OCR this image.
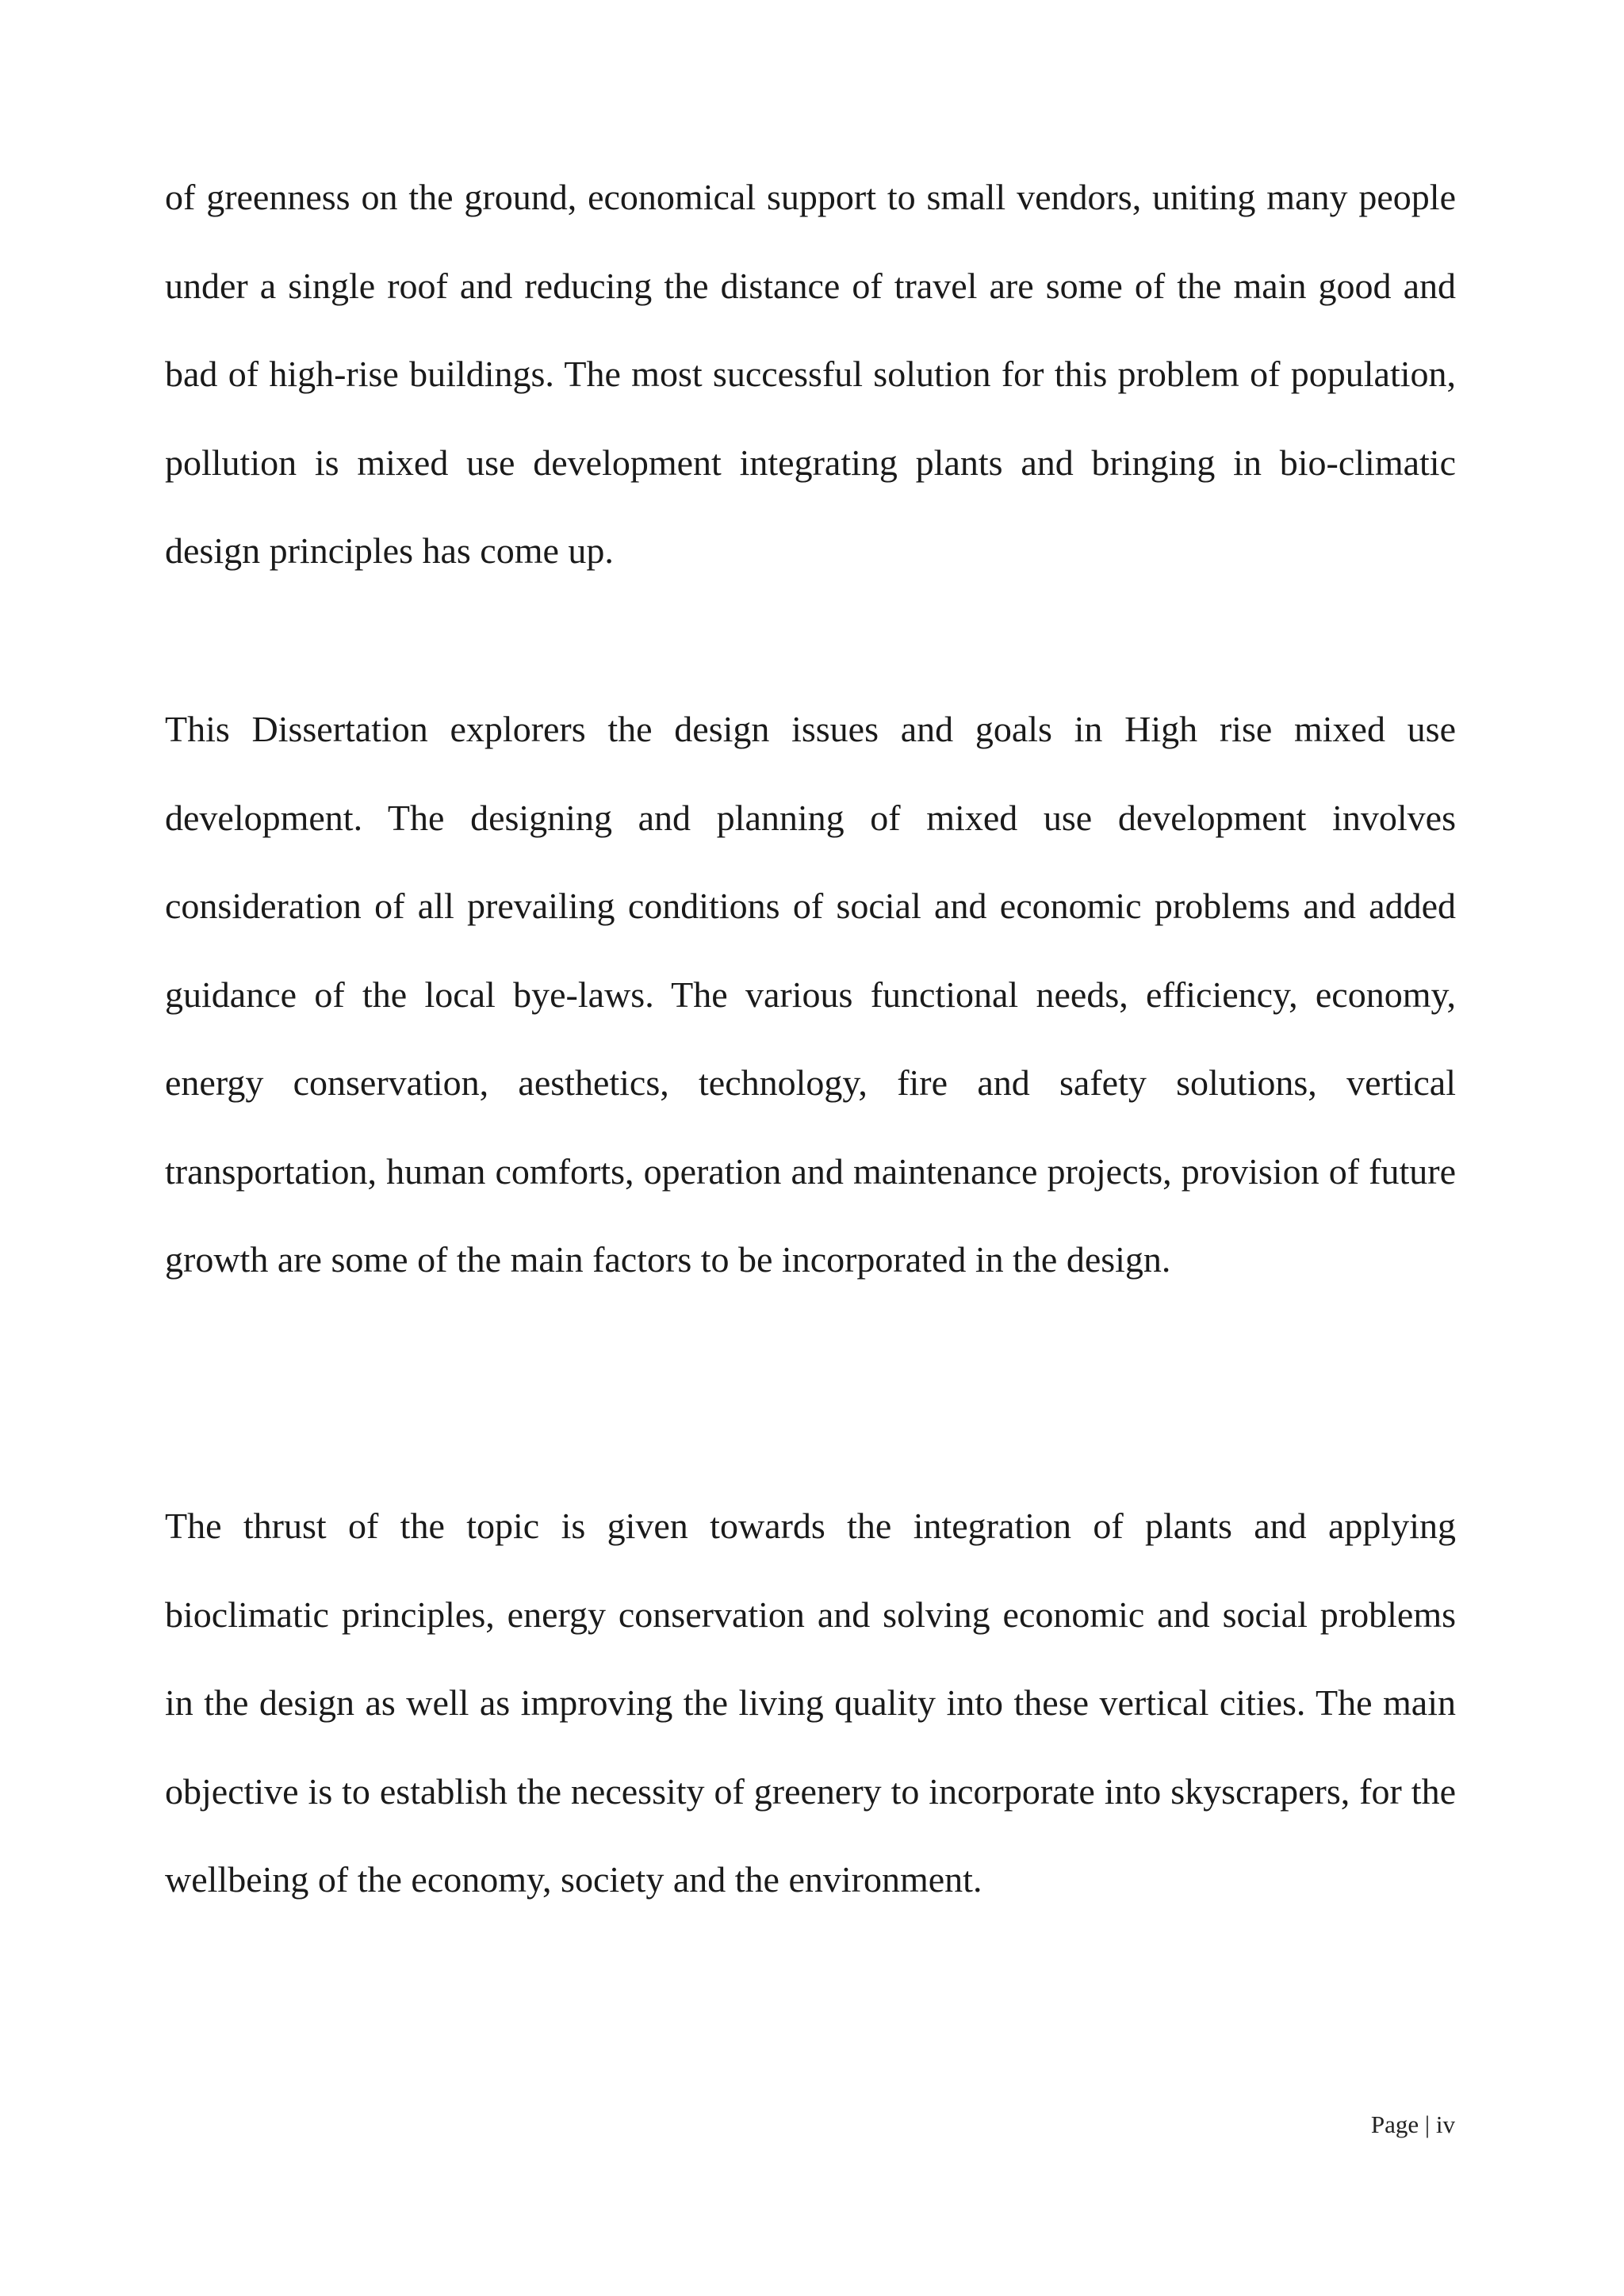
of greenness on the ground, economical support to small vendors, uniting many people under a single roof and reducing the distance of travel are some of the main good and bad of high-rise buildings. The most successful solution for this problem of population, pollution is mixed use development integrating plants and bringing in bio-climatic design principles has come up.

This Dissertation explorers the design issues and goals in High rise mixed use development. The designing and planning of mixed use development involves consideration of all prevailing conditions of social and economic problems and added guidance of the local bye-laws. The various functional needs, efficiency, economy, energy conservation, aesthetics, technology, fire and safety solutions, vertical transportation, human comforts, operation and maintenance projects, provision of future growth are some of the main factors to be incorporated in the design.

The thrust of the topic is given towards the integration of plants and applying bioclimatic principles, energy conservation and solving economic and social problems in the design as well as improving the living quality into these vertical cities. The main objective is to establish the necessity of greenery to incorporate into skyscrapers, for the wellbeing of the economy, society and the environment.

Page | iv
